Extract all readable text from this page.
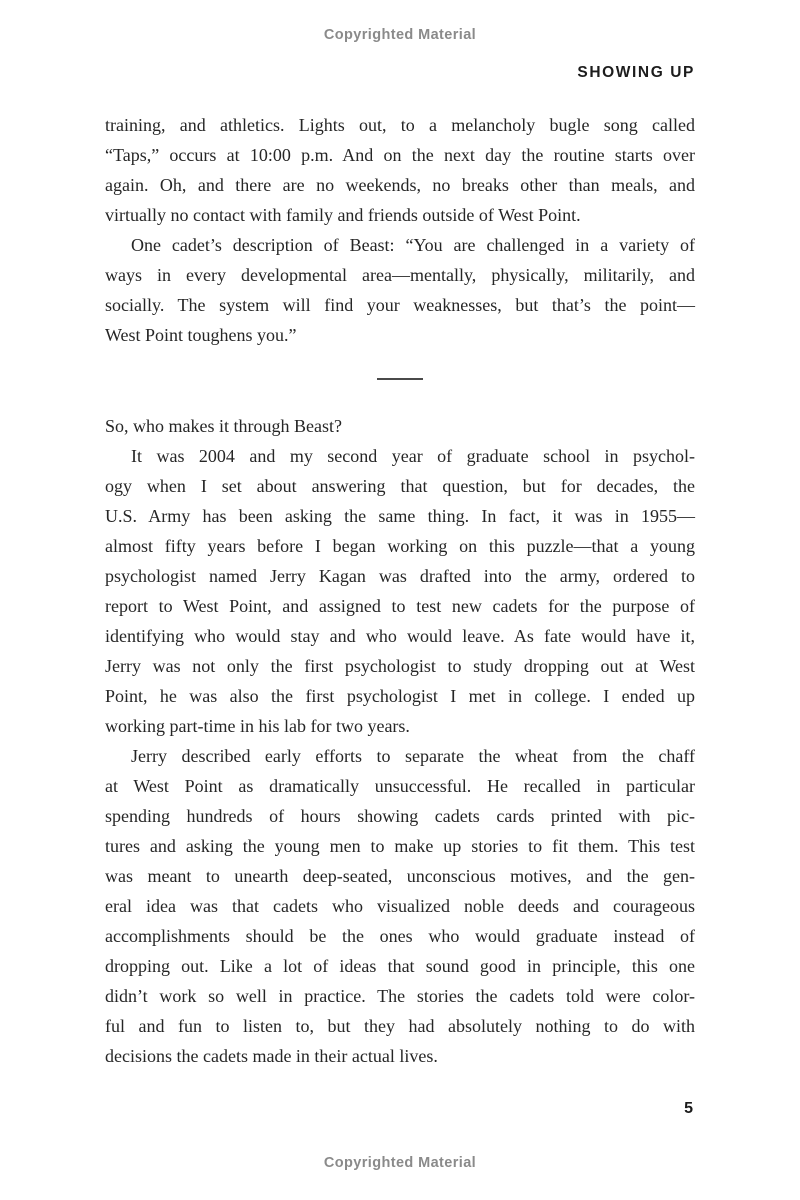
Copyrighted Material
SHOWING UP
training, and athletics. Lights out, to a melancholy bugle song called
“Taps,” occurs at 10:00 p.m. And on the next day the routine starts over
again. Oh, and there are no weekends, no breaks other than meals, and
virtually no contact with family and friends outside of West Point.
One cadet’s description of Beast: “You are challenged in a variety of
ways in every developmental area—mentally, physically, militarily, and
socially. The system will find your weaknesses, but that’s the point—
West Point toughens you.”
So, who makes it through Beast?
It was 2004 and my second year of graduate school in psychol-
ogy when I set about answering that question, but for decades, the
U.S. Army has been asking the same thing. In fact, it was in 1955—
almost fifty years before I began working on this puzzle—that a young
psychologist named Jerry Kagan was drafted into the army, ordered to
report to West Point, and assigned to test new cadets for the purpose of
identifying who would stay and who would leave. As fate would have it,
Jerry was not only the first psychologist to study dropping out at West
Point, he was also the first psychologist I met in college. I ended up
working part-time in his lab for two years.
Jerry described early efforts to separate the wheat from the chaff
at West Point as dramatically unsuccessful. He recalled in particular
spending hundreds of hours showing cadets cards printed with pic-
tures and asking the young men to make up stories to fit them. This test
was meant to unearth deep-seated, unconscious motives, and the gen-
eral idea was that cadets who visualized noble deeds and courageous
accomplishments should be the ones who would graduate instead of
dropping out. Like a lot of ideas that sound good in principle, this one
didn’t work so well in practice. The stories the cadets told were color-
ful and fun to listen to, but they had absolutely nothing to do with
decisions the cadets made in their actual lives.
5
Copyrighted Material
